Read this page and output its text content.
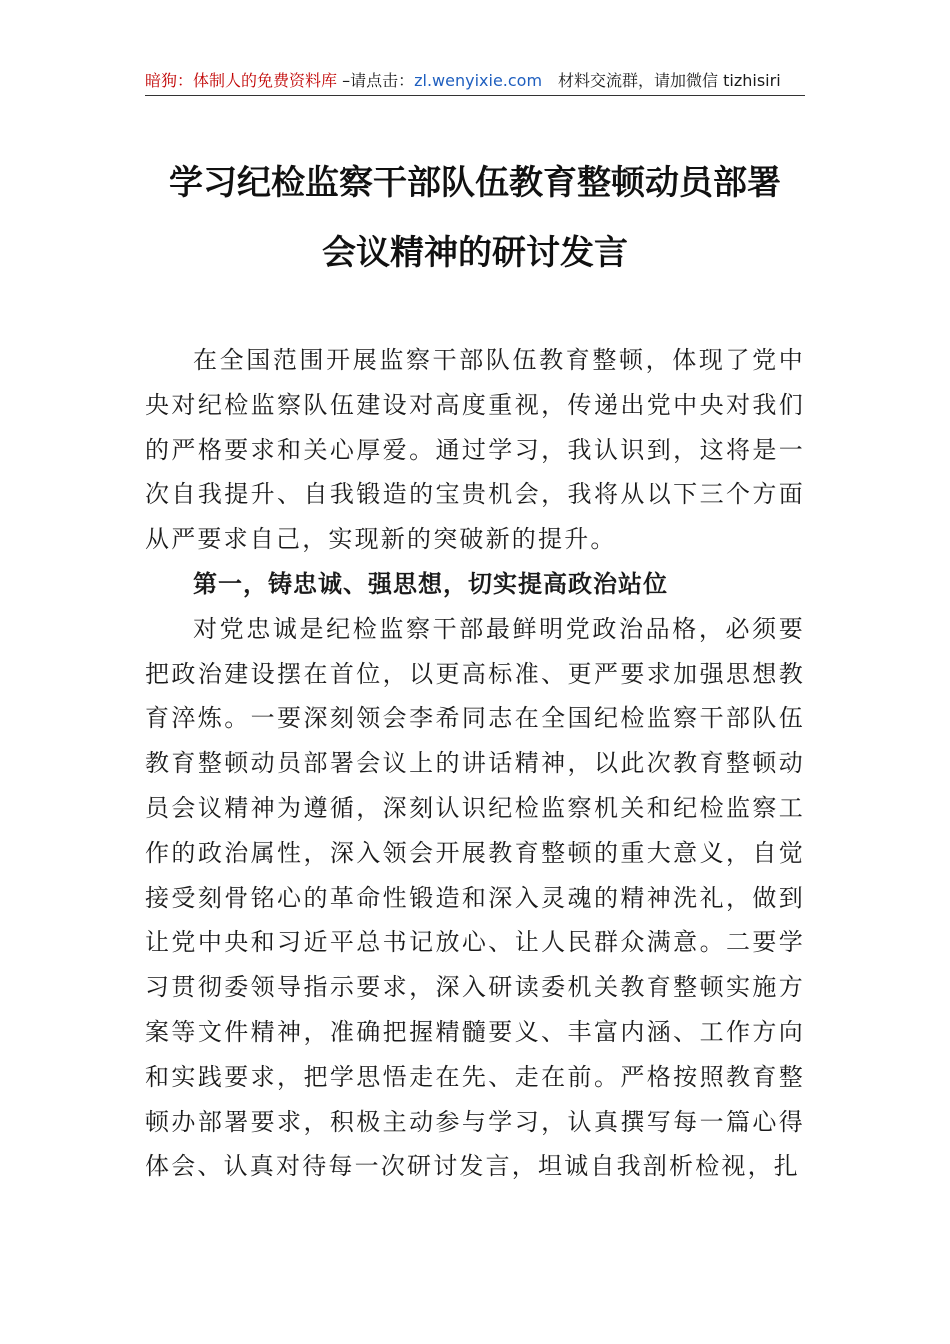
暗狗：体制人的免费资料库 –请点击：zl.wenyixie.com 材料交流群，请加微信 tizhisiri
学习纪检监察干部队伍教育整顿动员部署
会议精神的研讨发言

在全国范围开展监察干部队伍教育整顿，体现了党中央对纪检监察队伍建设对高度重视，传递出党中央对我们的严格要求和关心厚爱。通过学习，我认识到，这将是一次自我提升、自我锻造的宝贵机会，我将从以下三个方面从严要求自己，实现新的突破新的提升。

第一，铸忠诚、强思想，切实提高政治站位

对党忠诚是纪检监察干部最鲜明党政治品格，必须要把政治建设摆在首位，以更高标准、更严要求加强思想教育淬炼。一要深刻领会李希同志在全国纪检监察干部队伍教育整顿动员部署会议上的讲话精神，以此次教育整顿动员会议精神为遵循，深刻认识纪检监察机关和纪检监察工作的政治属性，深入领会开展教育整顿的重大意义，自觉接受刻骨铭心的革命性锻造和深入灵魂的精神洗礼，做到让党中央和习近平总书记放心、让人民群众满意。二要学习贯彻委领导指示要求，深入研读委机关教育整顿实施方案等文件精神，准确把握精髓要义、丰富内涵、工作方向和实践要求，把学思悟走在先、走在前。严格按照教育整顿办部署要求，积极主动参与学习，认真撰写每一篇心得体会、认真对待每一次研讨发言，坦诚自我剖析检视，扎
